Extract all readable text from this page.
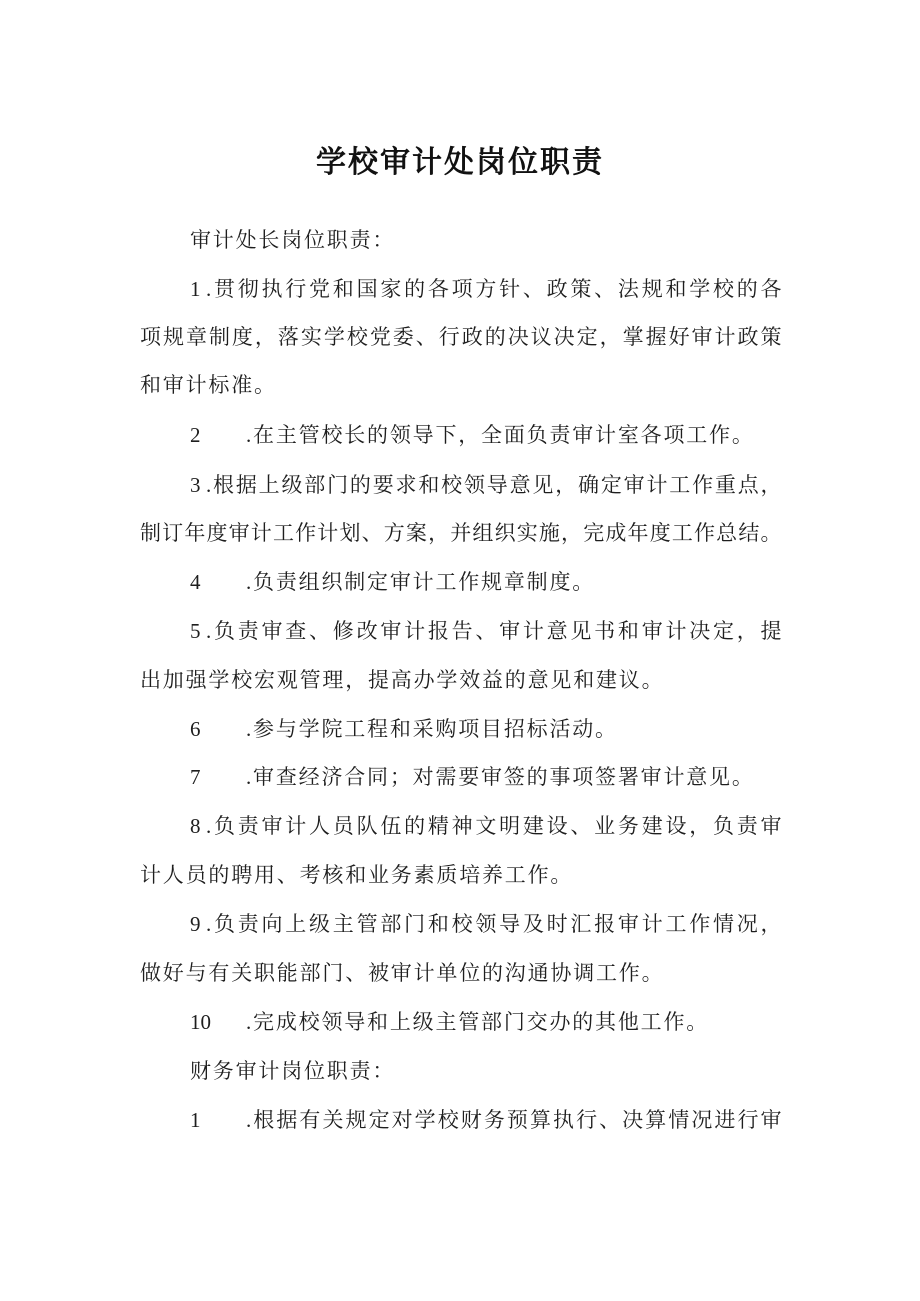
学校审计处岗位职责
审计处长岗位职责：
1 .贯彻执行党和国家的各项方针、政策、法规和学校的各
项规章制度，落实学校党委、行政的决议决定，掌握好审计政策
和审计标准。
2 .在主管校长的领导下，全面负责审计室各项工作。
3 .根据上级部门的要求和校领导意见，确定审计工作重点，
制订年度审计工作计划、方案，并组织实施，完成年度工作总结。
4 .负责组织制定审计工作规章制度。
5 .负责审查、修改审计报告、审计意见书和审计决定，提
出加强学校宏观管理，提高办学效益的意见和建议。
6 .参与学院工程和采购项目招标活动。
7 .审查经济合同；对需要审签的事项签署审计意见。
8 .负责审计人员队伍的精神文明建设、业务建设，负责审
计人员的聘用、考核和业务素质培养工作。
9 .负责向上级主管部门和校领导及时汇报审计工作情况，
做好与有关职能部门、被审计单位的沟通协调工作。
10 .完成校领导和上级主管部门交办的其他工作。
财务审计岗位职责：
1 .根据有关规定对学校财务预算执行、决算情况进行审
